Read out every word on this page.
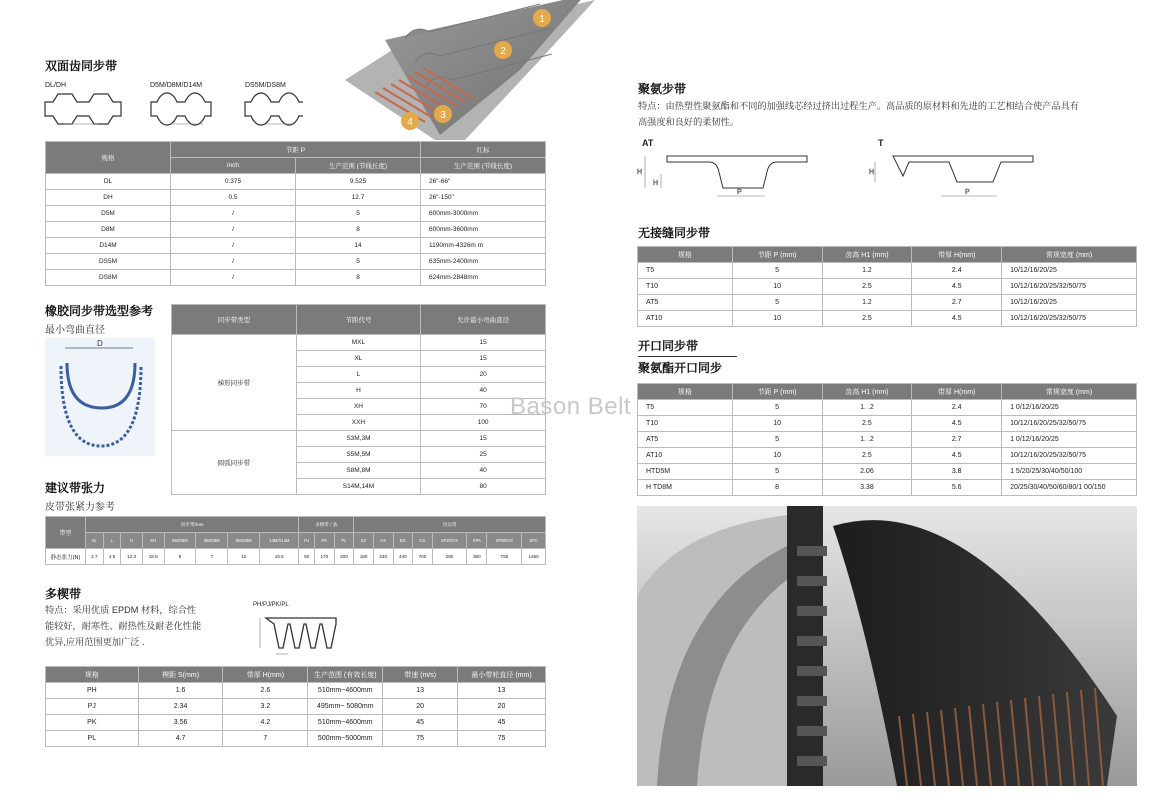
1
2
3
4
双面齿同步带
DL/DH	D5M/D8M/D14M	DS5M/DS8M
规格	节距 P		红标
	inch	生产范围 (节线长度)	生产范围 (节线长度)
DL	0.375	9.525	26"-66"
DH	0.5	12.7	26"-150"
D5M	/	5	600mm-3000mm
D8M	/	8	600mm-3600mm
D14M	/	14	1190mm-4326m m
DS5M	/	5	635mm-2400mm
DS8M	/	8	624mm-2848mm
橡胶同步带选型参考
最小弯曲直径
D
同步带类型	节距代号	允许最小弯曲直径
梯形同步带	MXL	15
	XL	15
	L	20
	H	40
	XH	70
	XXH	100
圆弧同步带	S3M,3M	15
	S5M,5M	25
	S8M,8M	40
	S14M,14M	80
建议带张力
皮带张紧力参考
带型	同步带/mm								多楔带 / 条			切边带							
	XL	L	H	XH	5M/S5M	8M/S8M	8M/S8M	14M/S14M	PJ	PK	PL	ZX	AX	BX	CX	XPZ/3VX	XPA	XPB/5VX	XPC
静态张力(N)	2.7	4.5	12.3	18.8	5	7	12	15.5	50	170	200	180	240	440	700	280	380	750	1450
多楔带
特点：采用优质 EPDM 材料，综合性
能较好，耐寒性、耐热性及耐老化性能
优异,应用范围更加广泛 .
PH/PJ/PK/PL
规格	楔距 S(mm)	带厚 H(mm)	生产范围 (有效长度)	带速 (m/s)	最小带轮直径 (mm)
PH	1.6	2.6	510mm~4600mm	13	13
PJ	2.34	3.2	495mm~ 5080mm	20	20
PK	3.56	4.2	510mm~4600mm	45	45
PL	4.7	7	500mm~5000mm	75	75
聚氨步带
特点：由热塑性聚氨酯和不同的加强线芯经过挤出过程生产。高品质的原材料和先进的工艺相结合使产品具有
高强度和良好的柔韧性。
AT	T
H
H
P
H
P
无接缝同步带
规格	节距 P (mm)	齿高 H1 (mm)	带厚 H(mm)	常规宽度 (mm)
T5	5	1.2	2.4	10/12/16/20/25
T10	10	2.5	4.5	10/12/16/20/25/32/50/75
AT5	5	1.2	2.7	10/12/16/20/25
AT10	10	2.5	4.5	10/12/16/20/25/32/50/75
开口同步带
聚氨酯开口同步
规格	节距 P (mm)	齿高 H1 (mm)	带厚 H(mm)	常规宽度 (mm)
T5	5	1. .2	2.4	1 0/12/16/20/25
T10	10	2.5	4.5	10/12/16/20/25/32/50/75
AT5	5	1. .2	2.7	1 0/12/16/20/25
AT10	10	2.5	4.5	10/12/16/20/25/32/50/75
HTD5M	5	2.06	3.8	1 5/20/25/30/40/50/100
H TD8M	8	3.38	5.6	20/25/30/40/50/60/80/1 00/150
Bason Belt
